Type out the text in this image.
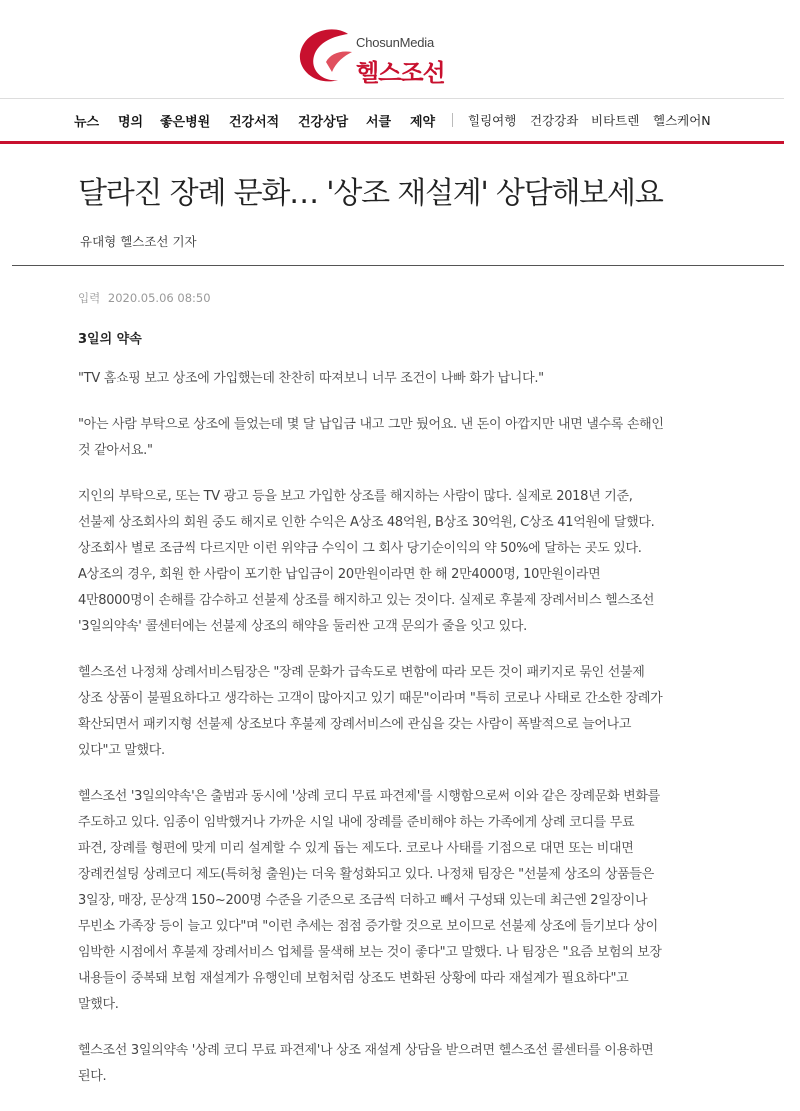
ChosunMedia
헬스조선
뉴스 명의 좋은병원 건강서적 건강상담 서클 제약	힐링여행 건강강좌 비타트렌 헬스케어N
달라진 장례 문화… '상조 재설계' 상담해보세요
유대형 헬스조선 기자
입력 2020.05.06 08:50
3일의 약속

"TV 홈쇼핑 보고 상조에 가입했는데 찬찬히 따져보니 너무 조건이 나빠 화가 납니다."

"아는 사람 부탁으로 상조에 들었는데 몇 달 납입금 내고 그만 뒀어요. 낸 돈이 아깝지만 내면 낼수록 손해인 것 같아서요."

지인의 부탁으로, 또는 TV 광고 등을 보고 가입한 상조를 해지하는 사람이 많다. 실제로 2018년 기준, 선불제 상조회사의 회원 중도 해지로 인한 수익은 A상조 48억원, B상조 30억원, C상조 41억원에 달했다. 상조회사 별로 조금씩 다르지만 이런 위약금 수익이 그 회사 당기순이익의 약 50%에 달하는 곳도 있다. A상조의 경우, 회원 한 사람이 포기한 납입금이 20만원이라면 한 해 2만4000명, 10만원이라면 4만8000명이 손해를 감수하고 선불제 상조를 해지하고 있는 것이다. 실제로 후불제 장례서비스 헬스조선 '3일의약속' 콜센터에는 선불제 상조의 해약을 둘러싼 고객 문의가 줄을 잇고 있다.

헬스조선 나정채 상례서비스팀장은 "장례 문화가 급속도로 변함에 따라 모든 것이 패키지로 묶인 선불제 상조 상품이 불필요하다고 생각하는 고객이 많아지고 있기 때문"이라며 "특히 코로나 사태로 간소한 장례가 확산되면서 패키지형 선불제 상조보다 후불제 장례서비스에 관심을 갖는 사람이 폭발적으로 늘어나고 있다"고 말했다.

헬스조선 '3일의약속'은 출범과 동시에 '상례 코디 무료 파견제'를 시행함으로써 이와 같은 장례문화 변화를 주도하고 있다. 임종이 임박했거나 가까운 시일 내에 장례를 준비해야 하는 가족에게 상례 코디를 무료 파견, 장례를 형편에 맞게 미리 설계할 수 있게 돕는 제도다. 코로나 사태를 기점으로 대면 또는 비대면 장례컨설팅 상례코디 제도(특허청 출원)는 더욱 활성화되고 있다. 나정채 팀장은 "선불제 상조의 상품들은 3일장, 매장, 문상객 150~200명 수준을 기준으로 조금씩 더하고 빼서 구성돼 있는데 최근엔 2일장이나 무빈소 가족장 등이 늘고 있다"며 "이런 추세는 점점 증가할 것으로 보이므로 선불제 상조에 들기보다 상이 임박한 시점에서 후불제 장례서비스 업체를 물색해 보는 것이 좋다"고 말했다. 나 팀장은 "요즘 보험의 보장 내용들이 중복돼 보험 재설계가 유행인데 보험처럼 상조도 변화된 상황에 따라 재설계가 필요하다"고 말했다.

헬스조선 3일의약속 '상례 코디 무료 파견제'나 상조 재설계 상담을 받으려면 헬스조선 콜센터를 이용하면 된다.
